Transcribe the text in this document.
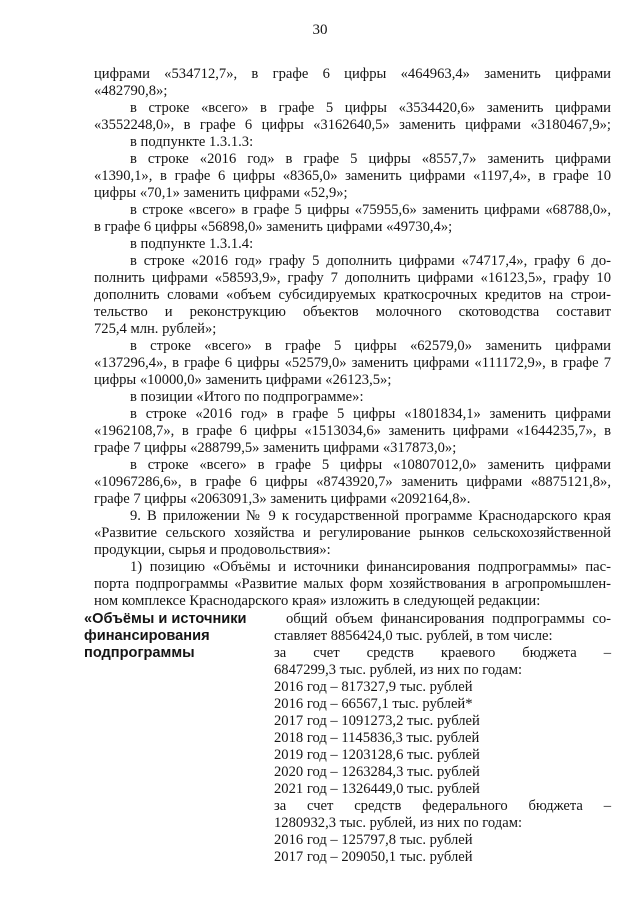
30

цифрами «534712,7», в графе 6 цифры «464963,4» заменить цифрами

«482790,8»;

в строке «всего» в графе 5 цифры «3534420,6» заменить цифрами

«3552248,0», в графе 6 цифры «3162640,5» заменить цифрами «3180467,9»;

в подпункте 1.3.1.3:

в строке «2016 год» в графе 5 цифры «8557,7» заменить цифрами

«1390,1», в графе 6 цифры «8365,0» заменить цифрами «1197,4», в графе 10

цифры «70,1» заменить цифрами «52,9»;

в строке «всего» в графе 5 цифры «75955,6» заменить цифрами «68788,0»,

в графе 6 цифры «56898,0» заменить цифрами «49730,4»;

в подпункте 1.3.1.4:

в строке «2016 год» графу 5 дополнить цифрами «74717,4», графу 6 до-

полнить цифрами «58593,9», графу 7 дополнить цифрами «16123,5», графу 10

дополнить словами «объем субсидируемых краткосрочных кредитов на строи-

тельство и реконструкцию объектов молочного скотоводства составит

725,4 млн. рублей»;

в строке «всего» в графе 5 цифры «62579,0» заменить цифрами

«137296,4», в графе 6 цифры «52579,0» заменить цифрами «111172,9», в графе 7

цифры «10000,0» заменить цифрами «26123,5»;

в позиции «Итого по подпрограмме»:

в строке «2016 год» в графе 5 цифры «1801834,1» заменить цифрами

«1962108,7», в графе 6 цифры «1513034,6» заменить цифрами «1644235,7», в

графе 7 цифры «288799,5» заменить цифрами «317873,0»;

в строке «всего» в графе 5 цифры «10807012,0» заменить цифрами

«10967286,6», в графе 6 цифры «8743920,7» заменить цифрами «8875121,8»,

графе 7 цифры «2063091,3» заменить цифрами «2092164,8».

9. В приложении № 9 к государственной программе Краснодарского края

«Развитие сельского хозяйства и регулирование рынков сельскохозяйственной

продукции, сырья и продовольствия»:

1) позицию «Объёмы и источники финансирования подпрограммы» пас-

порта подпрограммы «Развитие малых форм хозяйствования в агропромышлен-

ном комплексе Краснодарского края» изложить в следующей редакции:

«Объёмы и источники

финансирования

подпрограммы

общий объем финансирования подпрограммы со-

ставляет 8856424,0 тыс. рублей, в том числе:

за счет средств краевого бюджета –

6847299,3 тыс. рублей, из них по годам:

2016 год – 817327,9 тыс. рублей

2016 год – 66567,1 тыс. рублей*

2017 год – 1091273,2 тыс. рублей

2018 год – 1145836,3 тыс. рублей

2019 год – 1203128,6 тыс. рублей

2020 год – 1263284,3 тыс. рублей

2021 год – 1326449,0 тыс. рублей

за счет средств федерального бюджета –

1280932,3 тыс. рублей, из них по годам:

2016 год – 125797,8 тыс. рублей

2017 год – 209050,1 тыс. рублей
